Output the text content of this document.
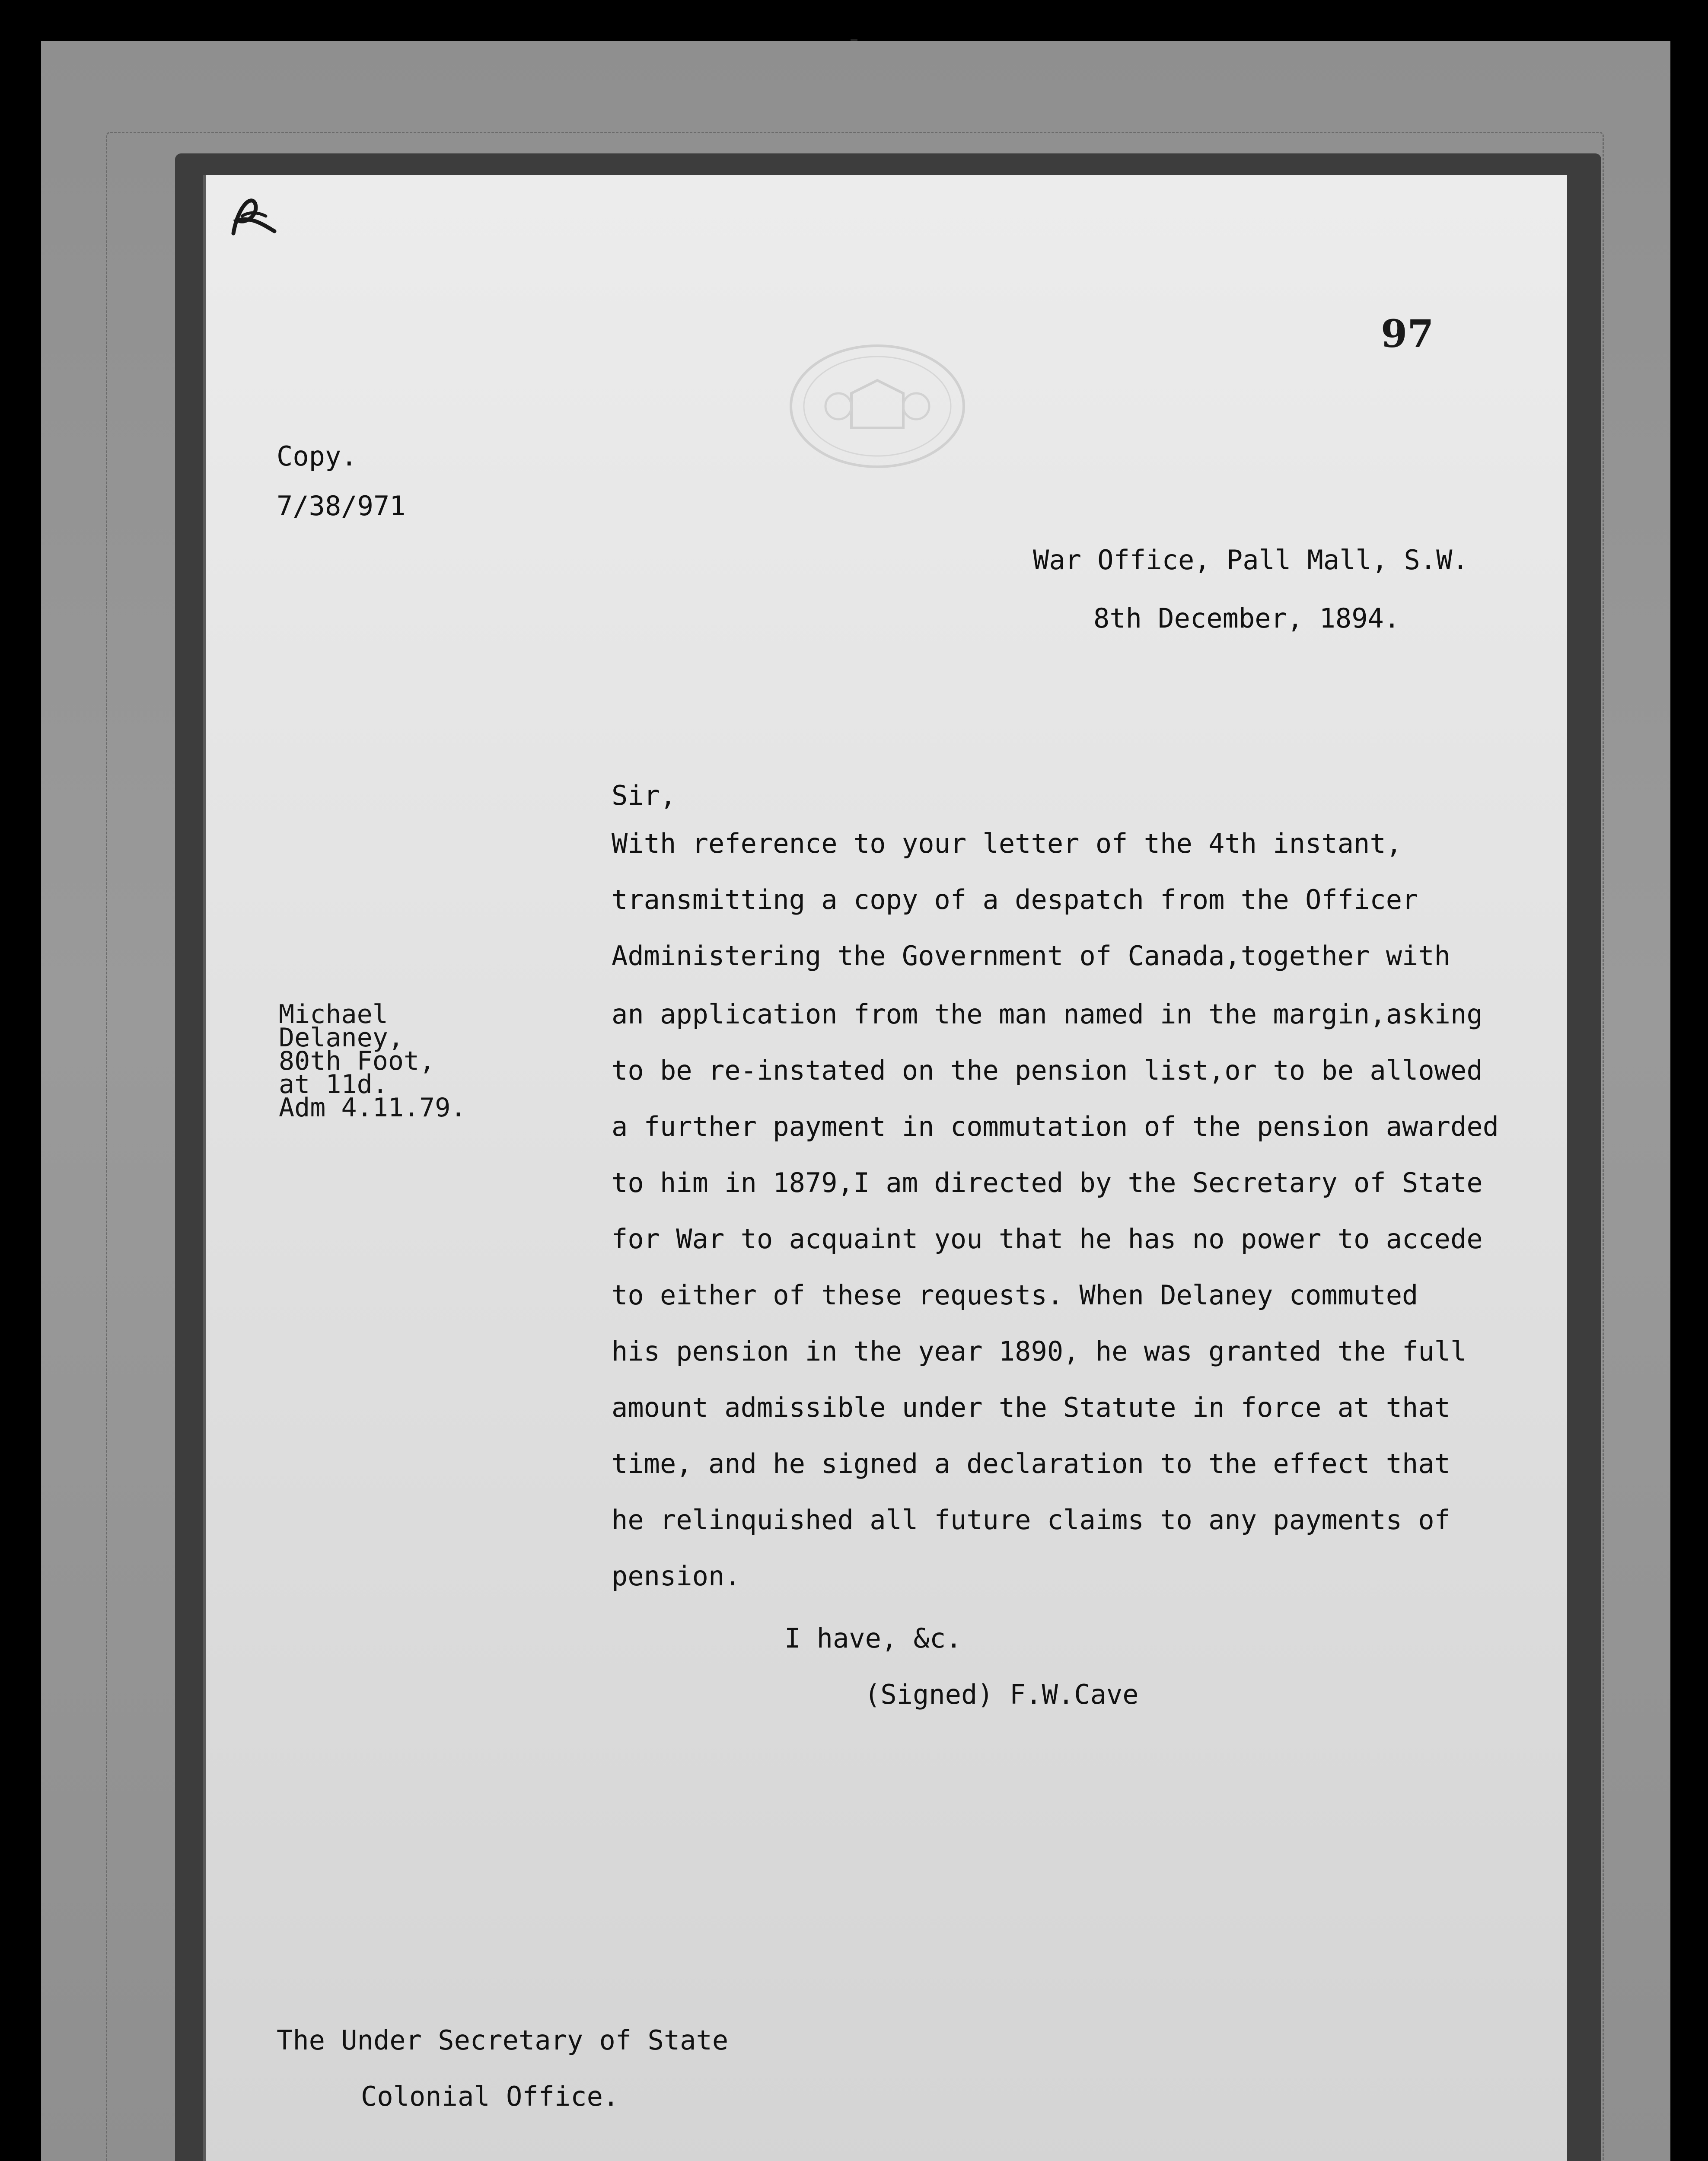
97
Copy.
7/38/971
War Office, Pall Mall, S.W.
8th December, 1894.
Michael
Delaney,
80th Foot,
at 11d.
Adm 4.11.79.
Sir,
With reference to your letter of the 4th instant,
transmitting a copy of a despatch from the Officer
Administering the Government of Canada,together with
an application from the man named in the margin,asking
to be re-instated on the pension list,or to be allowed
a further payment in commutation of the pension awarded
to him in 1879,I am directed by the Secretary of State
for War to acquaint you that he has no power to accede
to either of these requests. When Delaney commuted
his pension in the year 1890, he was granted the full
amount admissible under the Statute in force at that
time, and he signed a declaration to the effect that
he relinquished all future claims to any payments of
pension.
I have, &c.
(Signed) F.W.Cave
The Under Secretary of State
Colonial Office.
